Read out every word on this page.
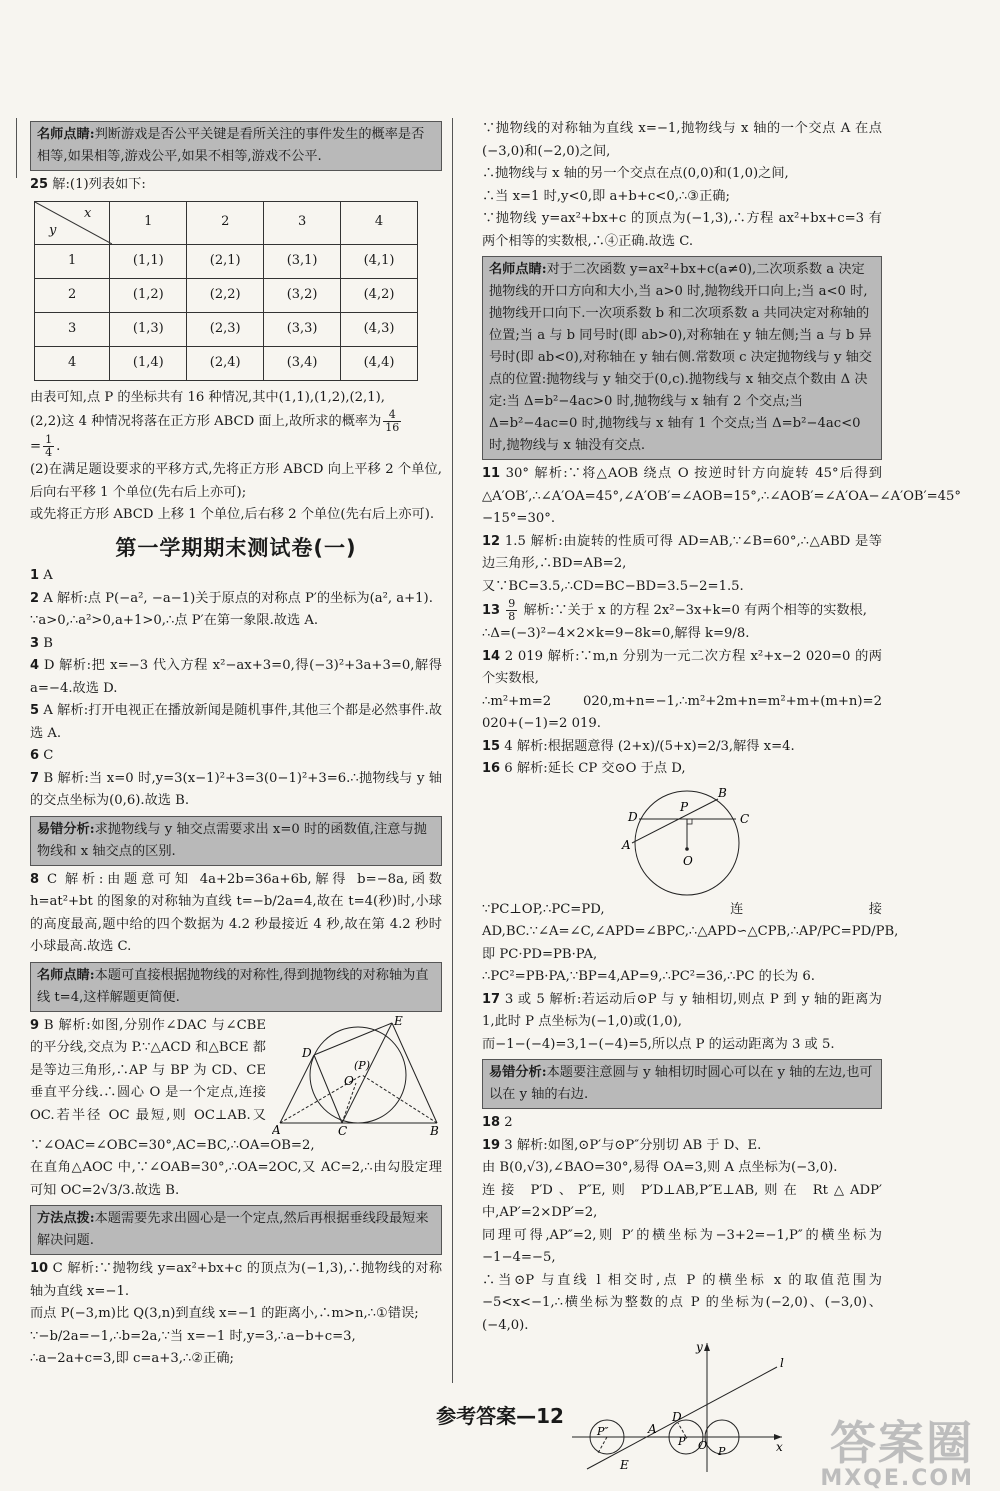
名师点睛:判断游戏是否公平关键是看所关注的事件发生的概率是否相等,如果相等,游戏公平,如果不相等,游戏不公平.

25 解:(1)列表如下:

x
y	1	2	3	4
1	(1,1)	(2,1)	(3,1)	(4,1)
2	(1,2)	(2,2)	(3,2)	(4,2)
3	(1,3)	(2,3)	(3,3)	(4,3)
4	(1,4)	(2,4)	(3,4)	(4,4)

由表可知,点 P 的坐标共有 16 种情况,其中(1,1),(1,2),(2,1),

(2,2)这 4 种情况将落在正方形 ABCD 面上,故所求的概率为 $\frac{4}{16}$

= $\frac{1}{4}$ .

(2)在满足题设要求的平移方式,先将正方形 ABCD 向上平移 2 个单位,后向右平移 1 个单位(先右后上亦可);

或先将正方形 ABCD 上移 1 个单位,后右移 2 个单位(先右后上亦可).

第一学期期末测试卷(一)

1 A

2 A 解析:点 P(−a², −a−1)关于原点的对称点 P′的坐标为(a², a+1).

∵a>0,∴a²>0,a+1>0,∴点 P′在第一象限.故选 A.

3 B

4 D 解析:把 x=−3 代入方程 x²−ax+3=0,得(−3)²+3a+3=0,解得 a=−4.故选 D.

5 A 解析:打开电视正在播放新闻是随机事件,其他三个都是必然事件.故选 A.

6 C

7 B 解析:当 x=0 时,y=3(x−1)²+3=3(0−1)²+3=6.∴抛物线与 y 轴的交点坐标为(0,6).故选 B.

易错分析:求抛物线与 y 轴交点需要求出 x=0 时的函数值,注意与抛物线和 x 轴交点的区别.

8 C 解析:由题意可知 4a+2b=36a+6b,解得 b=−8a,函数 h=at²+bt 的图象的对称轴为直线 t=−b/2a=4,故在 t=4(秒)时,小球的高度最高,题中给的四个数据为 4.2 秒最接近 4 秒,故在第 4.2 秒时小球最高.故选 C.

名师点睛:本题可直接根据抛物线的对称性,得到抛物线的对称轴为直线 t=4,这样解题更简便.
D
E
(P)
O
A	C	B

9 B 解析:如图,分别作∠DAC 与∠CBE 的平分线,交点为 P.∵△ACD 和△BCE 都是等边三角形,∴AP 与 BP 为 CD、CE 垂直平分线.∴圆心 O 是一个定点,连接 OC.若半径 OC 最短,则 OC⊥AB.又∵∠OAC=∠OBC=30°,AC=BC,∴OA=OB=2,

在直角△AOC 中,∵∠OAB=30°,∴OA=2OC,又 AC=2,∴由勾股定理可知 OC=2√3/3.故选 B.

方法点拨:本题需要先求出圆心是一个定点,然后再根据垂线段最短来解决问题.

10 C 解析:∵抛物线 y=ax²+bx+c 的顶点为(−1,3),∴抛物线的对称轴为直线 x=−1.

而点 P(−3,m)比 Q(3,n)到直线 x=−1 的距离小,∴m>n,∴①错误;

∵−b/2a=−1,∴b=2a,∵当 x=−1 时,y=3,∴a−b+c=3,

∴a−2a+c=3,即 c=a+3,∴②正确;

∵抛物线的对称轴为直线 x=−1,抛物线与 x 轴的一个交点 A 在点(−3,0)和(−2,0)之间,

∴抛物线与 x 轴的另一个交点在点(0,0)和(1,0)之间,

∴当 x=1 时,y<0,即 a+b+c<0,∴③正确;

∵抛物线 y=ax²+bx+c 的顶点为(−1,3),∴方程 ax²+bx+c=3 有两个相等的实数根,∴④正确.故选 C.

名师点睛:对于二次函数 y=ax²+bx+c(a≠0),二次项系数 a 决定抛物线的开口方向和大小,当 a>0 时,抛物线开口向上;当 a<0 时,抛物线开口向下.一次项系数 b 和二次项系数 a 共同决定对称轴的位置;当 a 与 b 同号时(即 ab>0),对称轴在 y 轴左侧;当 a 与 b 异号时(即 ab<0),对称轴在 y 轴右侧.常数项 c 决定抛物线与 y 轴交点的位置:抛物线与 y 轴交于(0,c).抛物线与 x 轴交点个数由 Δ 决定:当 Δ=b²−4ac>0 时,抛物线与 x 轴有 2 个交点;当 Δ=b²−4ac=0 时,抛物线与 x 轴有 1 个交点;当 Δ=b²−4ac<0 时,抛物线与 x 轴没有交点.

11 30° 解析:∵将△AOB 绕点 O 按逆时针方向旋转 45°后得到△A′OB′,∴∠A′OA=45°,∠A′OB′=∠AOB=15°,∴∠AOB′=∠A′OA−∠A′OB′=45°−15°=30°.

12 1.5 解析:由旋转的性质可得 AD=AB,∵∠B=60°,∴△ABD 是等边三角形,∴BD=AB=2,

又∵BC=3.5,∴CD=BC−BD=3.5−2=1.5.

$13 \frac{9}{8}$ 解析:∵关于 x 的方程 2x²−3x+k=0 有两个相等的实数根,

∴Δ=(−3)²−4×2×k=9−8k=0,解得 k=9/8.

14 2 019 解析:∵m,n 分别为一元二次方程 x²+x−2 020=0 的两个实数根,

∴m²+m=2 020,m+n=−1,∴m²+2m+n=m²+m+(m+n)=2 020+(−1)=2 019.

15 4 解析:根据题意得 (2+x)/(5+x)=2/3,解得 x=4.

16 6 解析:延长 CP 交⊙O 于点 D,

P
B
D	C
A
O

∵PC⊥OP,∴PC=PD,连接 AD,BC.∵∠A=∠C,∠APD=∠BPC,∴△APD∽△CPB,∴AP/PC=PD/PB,即 PC·PD=PB·PA,

∴PC²=PB·PA,∵BP=4,AP=9,∴PC²=36,∴PC 的长为 6.

17 3 或 5 解析:若运动后⊙P 与 y 轴相切,则点 P 到 y 轴的距离为 1,此时 P 点坐标为(−1,0)或(1,0),

而−1−(−4)=3,1−(−4)=5,所以点 P 的运动距离为 3 或 5.

易错分析:本题要注意圆与 y 轴相切时圆心可以在 y 轴的左边,也可以在 y 轴的右边.

18 2

19 3 解析:如图,⊙P′与⊙P″分别切 AB 于 D、E.

由 B(0,√3),∠BAO=30°,易得 OA=3,则 A 点坐标为(−3,0).

连接 P′D、P″E,则 P′D⊥AB,P″E⊥AB,则在 Rt△ADP′中,AP′=2×DP′=2,

同理可得,AP″=2,则 P′的横坐标为−3+2=−1,P″的横坐标为−1−4=−5,

∴当⊙P 与直线 l 相交时,点 P 的横坐标 x 的取值范围为−5<x<−1,∴横坐标为整数的点 P 的坐标为(−2,0)、(−3,0)、(−4,0).

y
l
P″	A
D
P′ O P	x
E
参考答案—12	答案圈
MXQE.COM
